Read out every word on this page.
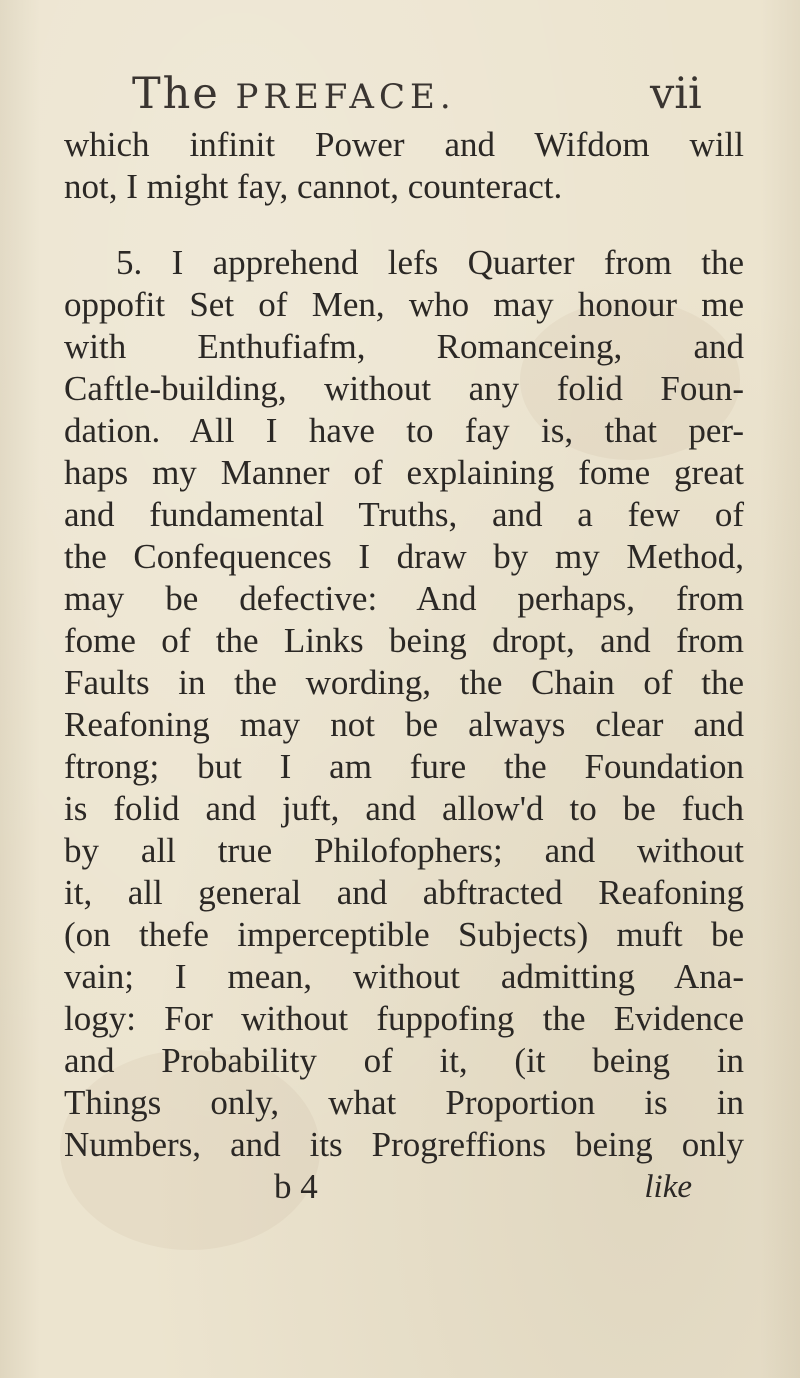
The PREFACE.	vii
which infinit Power and Wifdom will
not, I might fay, cannot, counteract.
5. I apprehend lefs Quarter from the
oppofit Set of Men, who may honour me
with Enthufiafm, Romanceing, and
Caftle-building, without any folid Foun-
dation. All I have to fay is, that per-
haps my Manner of explaining fome great
and fundamental Truths, and a few of
the Confequences I draw by my Method,
may be defective: And perhaps, from
fome of the Links being dropt, and from
Faults in the wording, the Chain of the
Reafoning may not be always clear and
ftrong; but I am fure the Foundation
is folid and juft, and allow'd to be fuch
by all true Philofophers; and without
it, all general and abftracted Reafoning
(on thefe imperceptible Subjects) muft be
vain; I mean, without admitting Ana-
logy: For without fuppofing the Evidence
and Probability of it, (it being in
Things only, what Proportion is in
Numbers, and its Progreffions being only
b 4	like
